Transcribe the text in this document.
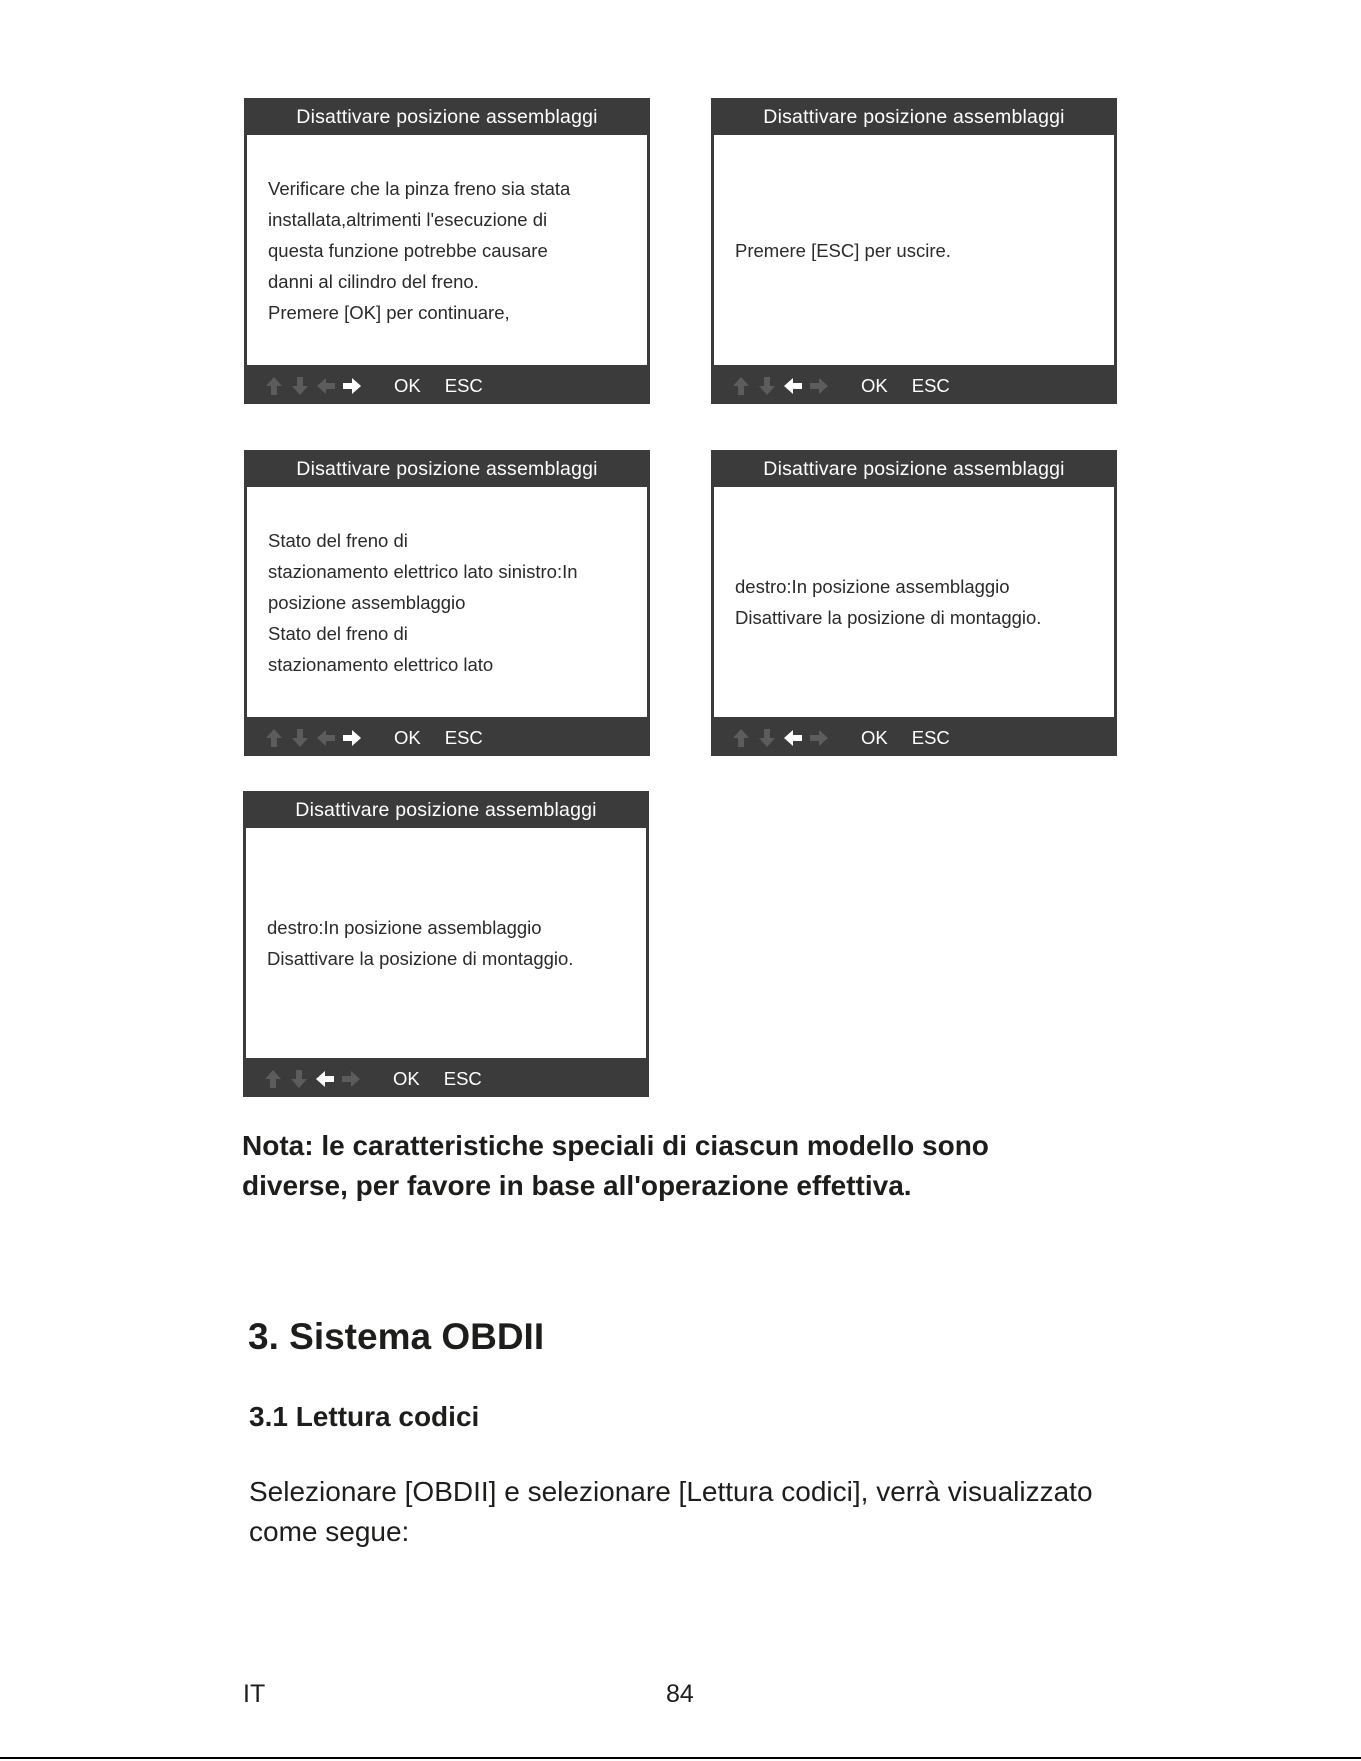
Disattivare posizione assemblaggi
Verificare che la pinza freno sia stata
installata,altrimenti l'esecuzione di
questa funzione potrebbe causare
danni al cilindro del freno.
Premere [OK] per continuare,
OK ESC
Disattivare posizione assemblaggi
Premere [ESC] per uscire.
OK ESC
Disattivare posizione assemblaggi
Stato del freno di
stazionamento elettrico lato sinistro:In
posizione assemblaggio
Stato del freno di
stazionamento elettrico lato
OK ESC
Disattivare posizione assemblaggi
destro:In posizione assemblaggio
Disattivare la posizione di montaggio.
OK ESC
Disattivare posizione assemblaggi
destro:In posizione assemblaggio
Disattivare la posizione di montaggio.
OK ESC
Nota: le caratteristiche speciali di ciascun modello sono
diverse, per favore in base all'operazione effettiva.
3. Sistema OBDII
3.1 Lettura codici
Selezionare [OBDII] e selezionare [Lettura codici], verrà visualizzato
come segue:
IT	84
